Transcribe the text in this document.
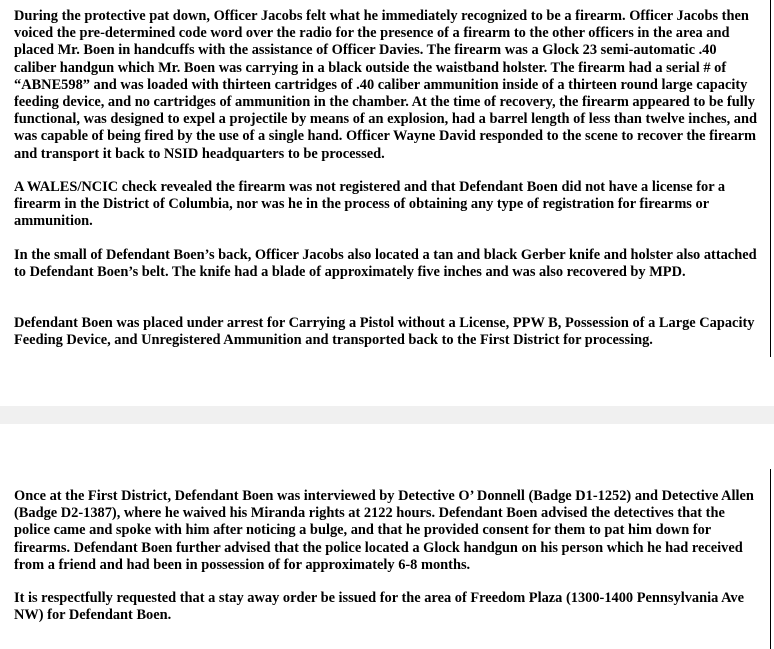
During the protective pat down, Officer Jacobs felt what he immediately recognized to be a firearm. Officer Jacobs then voiced the pre-determined code word over the radio for the presence of a firearm to the other officers in the area and placed Mr. Boen in handcuffs with the assistance of Officer Davies. The firearm was a Glock 23 semi-automatic .40 caliber handgun which Mr. Boen was carrying in a black outside the waistband holster. The firearm had a serial # of “ABNE598” and was loaded with thirteen cartridges of .40 caliber ammunition inside of a thirteen round large capacity feeding device, and no cartridges of ammunition in the chamber. At the time of recovery, the firearm appeared to be fully functional, was designed to expel a projectile by means of an explosion, had a barrel length of less than twelve inches, and was capable of being fired by the use of a single hand. Officer Wayne David responded to the scene to recover the firearm and transport it back to NSID headquarters to be processed.

A WALES/NCIC check revealed the firearm was not registered and that Defendant Boen did not have a license for a firearm in the District of Columbia, nor was he in the process of obtaining any type of registration for firearms or ammunition.

In the small of Defendant Boen’s back, Officer Jacobs also located a tan and black Gerber knife and holster also attached to Defendant Boen’s belt. The knife had a blade of approximately five inches and was also recovered by MPD.

Defendant Boen was placed under arrest for Carrying a Pistol without a License, PPW B, Possession of a Large Capacity Feeding Device, and Unregistered Ammunition and transported back to the First District for processing.

Once at the First District, Defendant Boen was interviewed by Detective O’ Donnell (Badge D1-1252) and Detective Allen (Badge D2-1387), where he waived his Miranda rights at 2122 hours. Defendant Boen advised the detectives that the police came and spoke with him after noticing a bulge, and that he provided consent for them to pat him down for firearms. Defendant Boen further advised that the police located a Glock handgun on his person which he had received from a friend and had been in possession of for approximately 6-8 months.

It is respectfully requested that a stay away order be issued for the area of Freedom Plaza (1300-1400 Pennsylvania Ave NW) for Defendant Boen.
